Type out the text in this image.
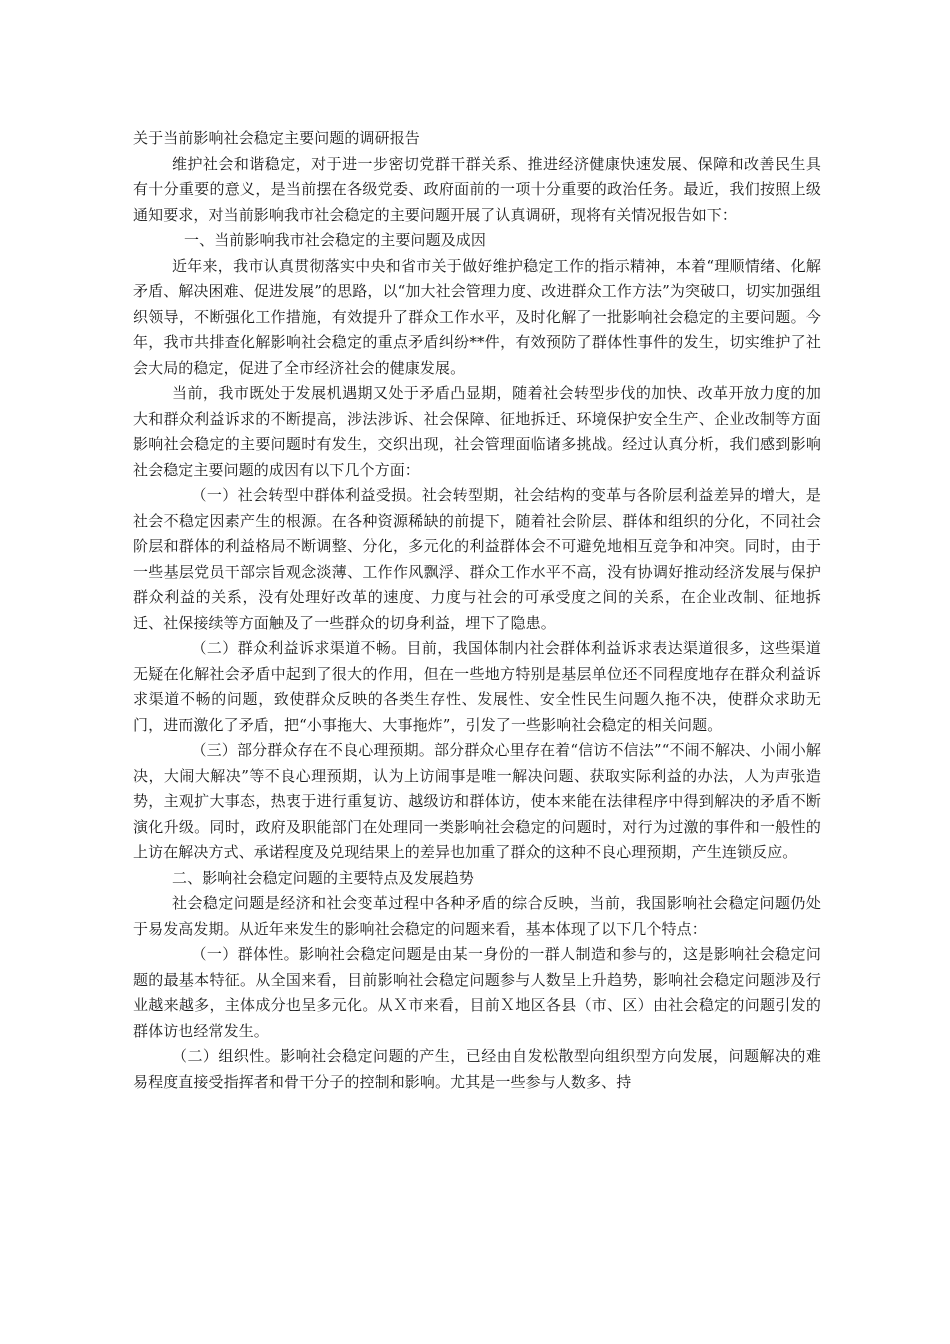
关于当前影响社会稳定主要问题的调研报告

维护社会和谐稳定，对于进一步密切党群干群关系、推进经济健康快速发展、保障和改善民生具有十分重要的意义，是当前摆在各级党委、政府面前的一项十分重要的政治任务。最近，我们按照上级通知要求，对当前影响我市社会稳定的主要问题开展了认真调研，现将有关情况报告如下：

一、当前影响我市社会稳定的主要问题及成因

近年来，我市认真贯彻落实中央和省市关于做好维护稳定工作的指示精神，本着“理顺情绪、化解矛盾、解决困难、促进发展”的思路，以“加大社会管理力度、改进群众工作方法”为突破口，切实加强组织领导，不断强化工作措施，有效提升了群众工作水平，及时化解了一批影响社会稳定的主要问题。今年，我市共排查化解影响社会稳定的重点矛盾纠纷**件，有效预防了群体性事件的发生，切实维护了社会大局的稳定，促进了全市经济社会的健康发展。

当前，我市既处于发展机遇期又处于矛盾凸显期，随着社会转型步伐的加快、改革开放力度的加大和群众利益诉求的不断提高，涉法涉诉、社会保障、征地拆迁、环境保护安全生产、企业改制等方面影响社会稳定的主要问题时有发生，交织出现，社会管理面临诸多挑战。经过认真分析，我们感到影响社会稳定主要问题的成因有以下几个方面：

（一）社会转型中群体利益受损。社会转型期，社会结构的变革与各阶层利益差异的增大，是社会不稳定因素产生的根源。在各种资源稀缺的前提下，随着社会阶层、群体和组织的分化，不同社会阶层和群体的利益格局不断调整、分化，多元化的利益群体会不可避免地相互竞争和冲突。同时，由于一些基层党员干部宗旨观念淡薄、工作作风飘浮、群众工作水平不高，没有协调好推动经济发展与保护群众利益的关系，没有处理好改革的速度、力度与社会的可承受度之间的关系，在企业改制、征地拆迁、社保接续等方面触及了一些群众的切身利益，埋下了隐患。

（二）群众利益诉求渠道不畅。目前，我国体制内社会群体利益诉求表达渠道很多，这些渠道无疑在化解社会矛盾中起到了很大的作用，但在一些地方特别是基层单位还不同程度地存在群众利益诉求渠道不畅的问题，致使群众反映的各类生存性、发展性、安全性民生问题久拖不决，使群众求助无门，进而激化了矛盾，把“小事拖大、大事拖炸”，引发了一些影响社会稳定的相关问题。

（三）部分群众存在不良心理预期。部分群众心里存在着“信访不信法”“不闹不解决、小闹小解决，大闹大解决”等不良心理预期，认为上访闹事是唯一解决问题、获取实际利益的办法，人为声张造势，主观扩大事态，热衷于进行重复访、越级访和群体访，使本来能在法律程序中得到解决的矛盾不断演化升级。同时，政府及职能部门在处理同一类影响社会稳定的问题时，对行为过激的事件和一般性的上访在解决方式、承诺程度及兑现结果上的差异也加重了群众的这种不良心理预期，产生连锁反应。

二、影响社会稳定问题的主要特点及发展趋势

社会稳定问题是经济和社会变革过程中各种矛盾的综合反映，当前，我国影响社会稳定问题仍处于易发高发期。从近年来发生的影响社会稳定的问题来看，基本体现了以下几个特点：

（一）群体性。影响社会稳定问题是由某一身份的一群人制造和参与的，这是影响社会稳定问题的最基本特征。从全国来看，目前影响社会稳定问题参与人数呈上升趋势，影响社会稳定问题涉及行业越来越多，主体成分也呈多元化。从Ｘ市来看，目前Ｘ地区各县（市、区）由社会稳定的问题引发的群体访也经常发生。

（二）组织性。影响社会稳定问题的产生，已经由自发松散型向组织型方向发展，问题解决的难易程度直接受指挥者和骨干分子的控制和影响。尤其是一些参与人数多、持
